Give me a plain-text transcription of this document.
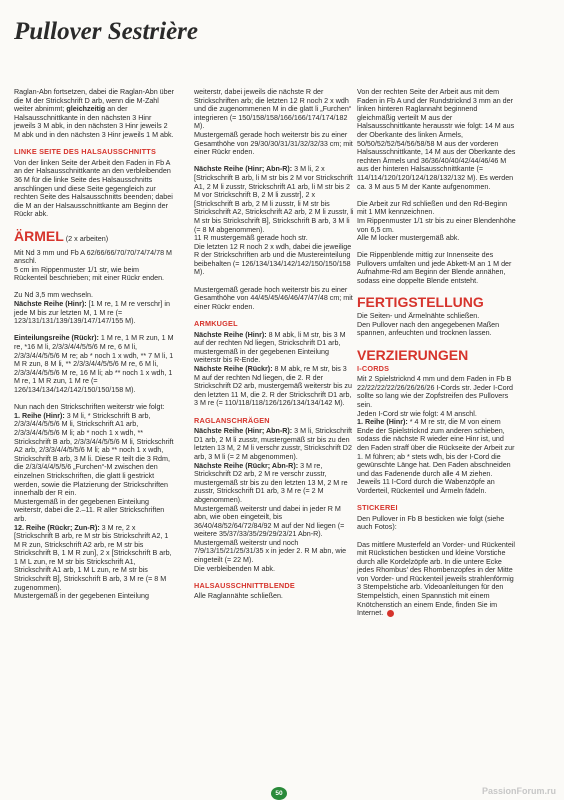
Pullover Sestrière

Raglan-Abn fortsetzen, dabei die Raglan-Abn über die M der Strickschrift D arb, wenn die M-Zahl weiter abnimmt; gleichzeitig an der Halsausschnittkante in den nächsten 3 Hinr jeweils 3 M abk, in den nächsten 3 Hinr jeweils 2 M abk und in den nächsten 3 Hinr jeweils 1 M abk.

LINKE SEITE DES HALSAUSSCHNITTS

Von der linken Seite der Arbeit den Faden in Fb A an der Halsausschnittkante an den verbleibenden 36 M für die linke Seite des Halsausschnitts anschlingen und diese Seite gegengleich zur rechten Seite des Halsausschnitts beenden; dabei die M an der Halsausschnittkante am Beginn der Rückr abk.

ÄRMEL (2 x arbeiten)

Mit Nd 3 mm und Fb A 62/66/66/70/70/74/74/78 M anschl.

5 cm im Rippenmuster 1/1 str, wie beim Rückenteil beschrieben; mit einer Rückr enden.

Zu Nd 3,5 mm wechseln.

Nächste Reihe (Hinr): [1 M re, 1 M re verschr] in jede M bis zur letzten M, 1 M re (= 123/131/131/139/139/147/147/155 M).

Einteilungsreihe (Rückr): 1 M re, 1 M R zun, 1 M re, *16 M li, 2/3/3/4/4/5/5/6 M re, 6 M li, 2/3/3/4/4/5/5/6 M re; ab * noch 1 x wdh, ** 7 M li, 1 M R zun, 8 M li, ** 2/3/3/4/4/5/5/6 M re, 6 M li, 2/3/3/4/4/5/5/6 M re, 16 M li; ab ** noch 1 x wdh, 1 M re, 1 M R zun, 1 M re (= 126/134/134/142/142/150/150/158 M).

Nun nach den Strickschriften weiterstr wie folgt:

1. Reihe (Hinr): 3 M li, * Strickschrift B arb, 2/3/3/4/4/5/5/6 M li, Strickschrift A1 arb, 2/3/3/4/4/5/5/6 M li; ab * noch 1 x wdh, ** Strickschrift B arb, 2/3/3/4/4/5/5/6 M li, Strickschrift A2 arb, 2/3/3/4/4/5/5/6 M li; ab ** noch 1 x wdh, Strickschrift B arb, 3 M li. Diese R teilt die 3 Rdm, die 2/3/3/4/4/5/5/6 „Furchen“-M zwischen den einzelnen Strickschriften, die glatt li gestrickt werden, sowie die Platzierung der Strickschriften innerhalb der R ein.

Mustergemäß in der gegebenen Einteilung weiterstr, dabei die 2.–11. R aller Strickschriften arb.

12. Reihe (Rückr; Zun-R): 3 M re, 2 x [Strickschrift B arb, re M str bis Strickschrift A2, 1 M R zun, Strickschrift A2 arb, re M str bis Strickschrift B, 1 M R zun], 2 x [Strickschrift B arb, 1 M L zun, re M str bis Strickschrift A1, Strickschrift A1 arb, 1 M L zun, re M str bis Strickschrift B], Strickschrift B arb, 3 M re (= 8 M zugenommen).

Mustergemäß in der gegebenen Einteilung

weiterstr, dabei jeweils die nächste R der Strickschriften arb; die letzten 12 R noch 2 x wdh und die zugenommenen M in die glatt li „Furchen“ integrieren (= 150/158/158/166/166/174/174/182 M).

Mustergemäß gerade hoch weiterstr bis zu einer Gesamthöhe von 29/30/30/31/31/32/32/33 cm; mit einer Rückr enden.

Nächste Reihe (Hinr; Abn-R): 3 M li, 2 x [Strickschrift B arb, li M str bis 2 M vor Strickschrift A1, 2 M li zusstr, Strickschrift A1 arb, li M str bis 2 M vor Strickschrift B, 2 M li zusstr], 2 x [Strickschrift B arb, 2 M li zusstr, li M str bis Strickschrift A2, Strickschrift A2 arb, 2 M li zusstr, li M str bis Strickschrift B], Strickschrift B arb, 3 M li (= 8 M abgenommen).

11 R mustergemäß gerade hoch str.

Die letzten 12 R noch 2 x wdh, dabei die jeweilige R der Strickschriften arb und die Mustereinteilung beibehalten (= 126/134/134/142/142/150/150/158 M).

Mustergemäß gerade hoch weiterstr bis zu einer Gesamthöhe von 44/45/45/46/46/47/47/48 cm; mit einer Rückr enden.

ARMKUGEL

Nächste Reihe (Hinr): 8 M abk, li M str, bis 3 M auf der rechten Nd liegen, Strickschrift D1 arb, mustergemäß in der gegebenen Einteilung weiterstr bis R-Ende.

Nächste Reihe (Rückr): 8 M abk, re M str, bis 3 M auf der rechten Nd liegen, die 2. R der Strickschrift D2 arb, mustergemäß weiterstr bis zu den letzten 11 M, die 2. R der Strickschrift D1 arb, 3 M re (= 110/118/118/126/126/134/134/142 M).

RAGLANSCHRÄGEN

Nächste Reihe (Hinr; Abn-R): 3 M li, Strickschrift D1 arb, 2 M li zusstr, mustergemäß str bis zu den letzten 13 M, 2 M li verschr zusstr, Strickschrift D2 arb, 3 M li (= 2 M abgenommen).

Nächste Reihe (Rückr; Abn-R): 3 M re, Strickschrift D2 arb, 2 M re verschr zusstr, mustergemäß str bis zu den letzten 13 M, 2 M re zusstr, Strickschrift D1 arb, 3 M re (= 2 M abgenommen).

Mustergemäß weiterstr und dabei in jeder R M abn, wie oben eingeteilt, bis 36/40/48/52/64/72/84/92 M auf der Nd liegen (= weitere 35/37/33/35/29/29/23/21 Abn-R).

Mustergemäß weiterstr und noch 7/9/13/15/21/25/31/35 x in jeder 2. R M abn, wie eingeteilt (= 22 M).

Die verbleibenden M abk.

HALSAUSSCHNITTBLENDE

Alle Raglannähte schließen.

Von der rechten Seite der Arbeit aus mit dem Faden in Fb A und der Rundstricknd 3 mm an der linken hinteren Raglannaht beginnend gleichmäßig verteilt M aus der Halsausschnittkante herausstr wie folgt: 14 M aus der Oberkante des linken Ärmels, 50/50/52/52/54/56/58/58 M aus der vorderen Halsausschnittkante, 14 M aus der Oberkante des rechten Ärmels und 36/36/40/40/42/44/46/46 M aus der hinteren Halsausschnittkante (= 114/114/120/120/124/128/132/132 M). Es werden ca. 3 M aus 5 M der Kante aufgenommen.

Die Arbeit zur Rd schließen und den Rd-Beginn mit 1 MM kennzeichnen.

Im Rippenmuster 1/1 str bis zu einer Blendenhöhe von 6,5 cm.

Alle M locker mustergemäß abk.

Die Rippenblende mittig zur Innenseite des Pullovers umfalten und jede Abkett-M an 1 M der Aufnahme-Rd am Beginn der Blende annähen, sodass eine doppelte Blende entsteht.

FERTIGSTELLUNG

Die Seiten- und Ärmelnähte schließen.

Den Pullover nach den angegebenen Maßen spannen, anfeuchten und trocknen lassen.

VERZIERUNGEN
I-CORDS

Mit 2 Spielstricknd 4 mm und dem Faden in Fb B 22/22/22/22/26/26/26/26 I-Cords str. Jeder I-Cord sollte so lang wie der Zopfstreifen des Pullovers sein.

Jeden I-Cord str wie folgt: 4 M anschl.

1. Reihe (Hinr): * 4 M re str, die M von einem Ende der Spielstricknd zum anderen schieben, sodass die nächste R wieder eine Hinr ist, und den Faden straff über die Rückseite der Arbeit zur 1. M führen; ab * stets wdh, bis der I-Cord die gewünschte Länge hat. Den Faden abschneiden und das Fadenende durch alle 4 M ziehen.

Jeweils 11 I-Cord durch die Wabenzöpfe an Vorderteil, Rückenteil und Ärmeln fädeln.

STICKEREI

Den Pullover in Fb B besticken wie folgt (siehe auch Fotos):

Das mittlere Musterfeld an Vorder- und Rückenteil mit Rückstichen besticken und kleine Vorstiche durch alle Kordelzöpfe arb. In die untere Ecke jedes Rhombus' des Rhombenzopfes in der Mitte von Vorder- und Rückenteil jeweils strahlenförmig 3 Stempelstiche arb. Videoanleitungen für den Stempelstich, einen Spannstich mit einem Knötchenstich an einem Ende, finden Sie im Internet.

50	PassionForum.ru
